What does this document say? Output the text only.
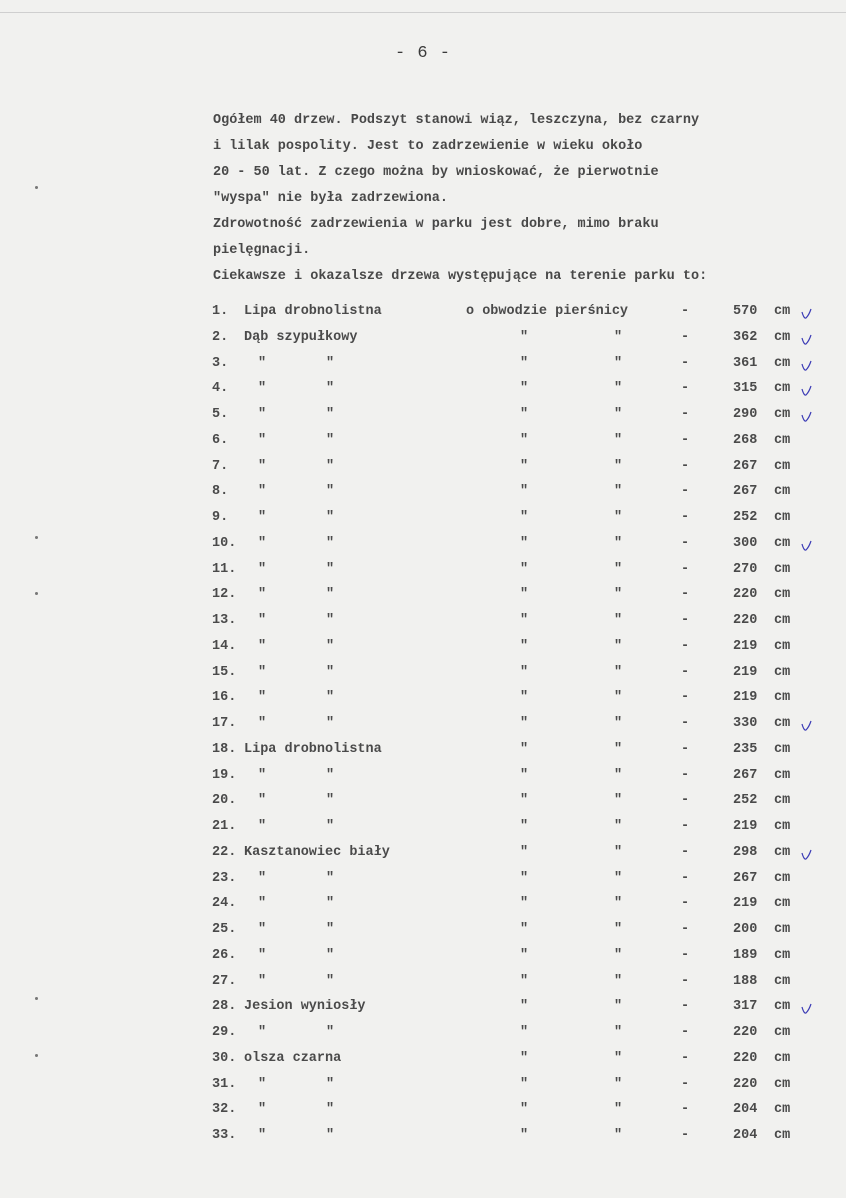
- 6 -

Ogółem 40 drzew. Podszyt stanowi wiąz, leszczyna, bez czarny

i lilak pospolity. Jest to zadrzewienie w wieku około

20 - 50 lat. Z czego można by wnioskować, że pierwotnie

"wyspa" nie była zadrzewiona.

Zdrowotność zadrzewienia w parku jest dobre, mimo braku

pielęgnacji.

Ciekawsze i okazalsze drzewa występujące na terenie parku to:

1.	Lipa drobnolistna	o obwodzie pierśnicy	-	570 cm
2.	Dąb szypułkowy	"	"	-	362 cm
3.	"	"	"	"	-	361 cm
4.	"	"	"	"	-	315 cm
5.	"	"	"	"	-	290 cm
6.	"	"	"	"	-	268 cm
7.	"	"	"	"	-	267 cm
8.	"	"	"	"	-	267 cm
9.	"	"	"	"	-	252 cm
10.	"	"	"	"	-	300 cm
11.	"	"	"	"	-	270 cm
12.	"	"	"	"	-	220 cm
13.	"	"	"	"	-	220 cm
14.	"	"	"	"	-	219 cm
15.	"	"	"	"	-	219 cm
16.	"	"	"	"	-	219 cm
17.	"	"	"	"	-	330 cm
18. Lipa drobnolistna	"	"	-	235 cm
19.	"	"	"	"	-	267 cm
20.	"	"	"	"	-	252 cm
21.	"	"	"	"	-	219 cm
22. Kasztanowiec biały	"	"	-	298 cm
23.	"	"	"	"	-	267 cm
24.	"	"	"	"	-	219 cm
25.	"	"	"	"	-	200 cm
26.	"	"	"	"	-	189 cm
27.	"	"	"	"	-	188 cm
28. Jesion wyniosły	"	"	-	317 cm
29.	"	"	"	"	-	220 cm
30. olsza czarna	"	"	-	220 cm
31.	"	"	"	"	-	220 cm
32.	"	"	"	"	-	204 cm
33.	"	"	"	"	-	204 cm
